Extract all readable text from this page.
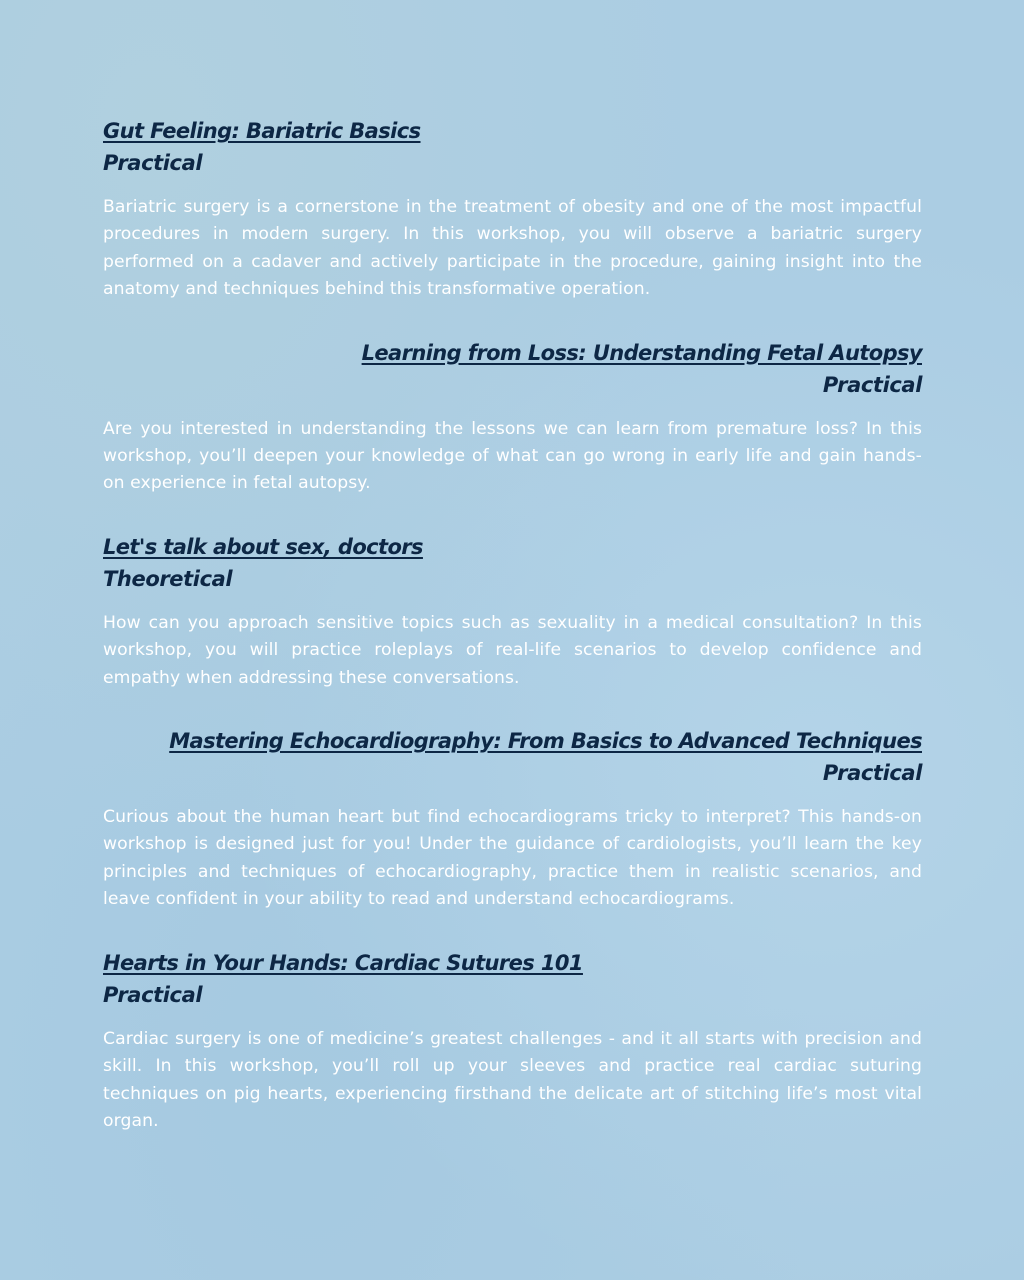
Gut Feeling: Bariatric Basics
Practical

Bariatric surgery is a cornerstone in the treatment of obesity and one of the most impactful procedures in modern surgery. In this workshop, you will observe a bariatric surgery performed on a cadaver and actively participate in the procedure, gaining insight into the anatomy and techniques behind this transformative operation.

Learning from Loss: Understanding Fetal Autopsy
Practical

Are you interested in understanding the lessons we can learn from premature loss? In this workshop, you’ll deepen your knowledge of what can go wrong in early life and gain hands-on experience in fetal autopsy.

Let's talk about sex, doctors
Theoretical

How can you approach sensitive topics such as sexuality in a medical consultation? In this workshop, you will practice roleplays of real-life scenarios to develop confidence and empathy when addressing these conversations.

Mastering Echocardiography: From Basics to Advanced Techniques
Practical

Curious about the human heart but find echocardiograms tricky to interpret? This hands-on workshop is designed just for you! Under the guidance of cardiologists, you’ll learn the key principles and techniques of echocardiography, practice them in realistic scenarios, and leave confident in your ability to read and understand echocardiograms.

Hearts in Your Hands: Cardiac Sutures 101
Practical

Cardiac surgery is one of medicine’s greatest challenges - and it all starts with precision and skill. In this workshop, you’ll roll up your sleeves and practice real cardiac suturing techniques on pig hearts, experiencing firsthand the delicate art of stitching life’s most vital organ.
